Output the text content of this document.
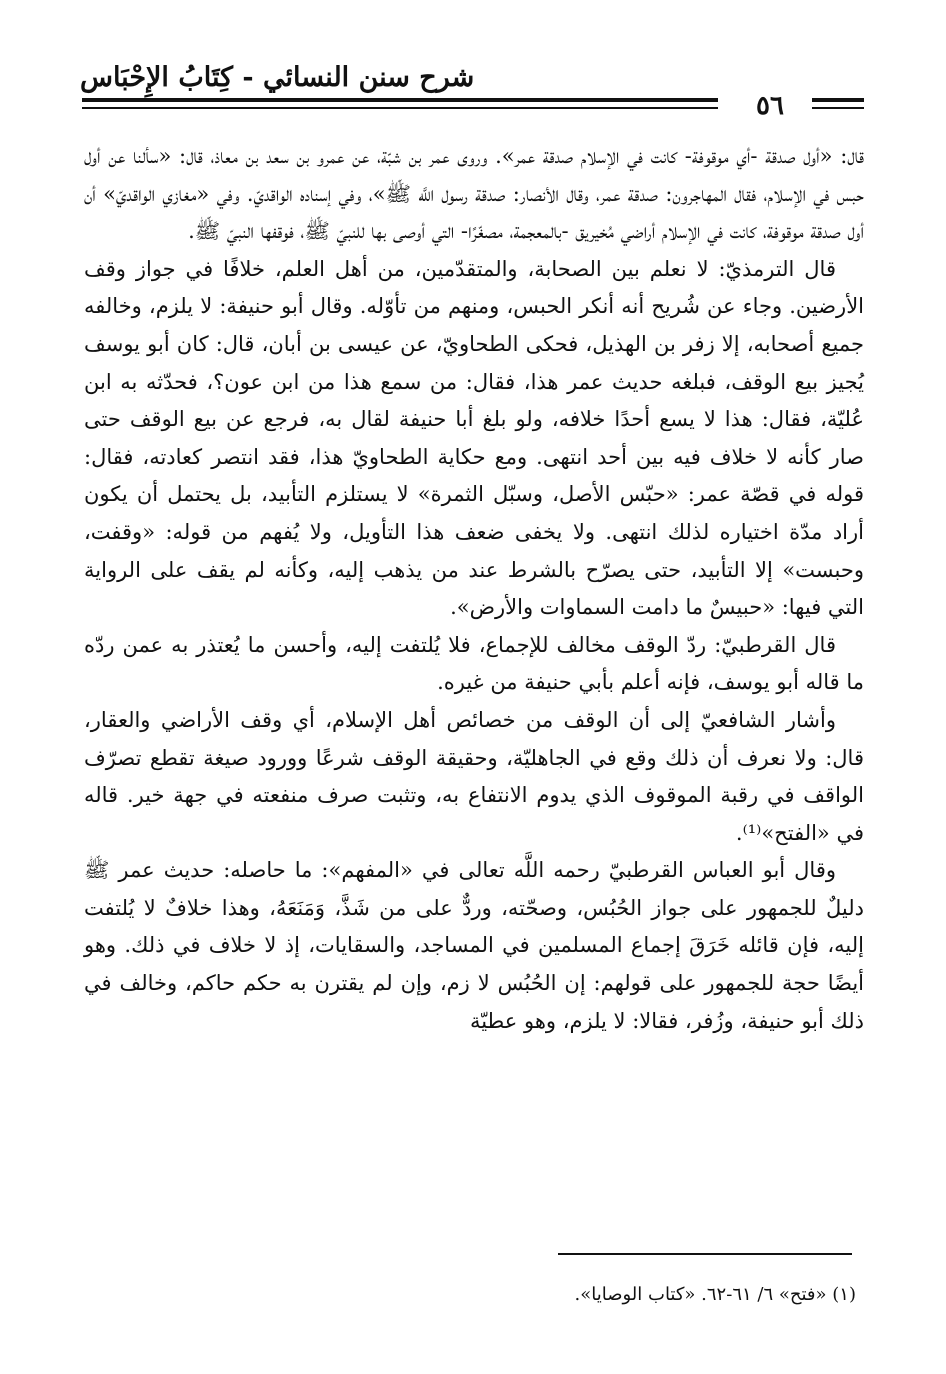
شرح سنن النسائي - كِتَابُ الإِحْبَاس
٥٦

قال: «أول صدقة -أي موقوفة- كانت في الإسلام صدقة عمر». وروى عمر بن شبّة، عن عمرو بن سعد بن معاذ، قال: «سألنا عن أول حبس في الإسلام، فقال المهاجرون: صدقة عمر، وقال الأنصار: صدقة رسول اللَّه ﷺ»، وفي إسناده الواقديّ. وفي «مغازي الواقديّ» أن أول صدقة موقوفة، كانت في الإسلام أراضي مُخيريق -بالمعجمة، مصغّرًا- التي أوصى بها للنبيّ ﷺ، فوقفها النبيّ ﷺ.

قال الترمذيّ: لا نعلم بين الصحابة، والمتقدّمين، من أهل العلم، خلافًا في جواز وقف الأرضين. وجاء عن شُريح أنه أنكر الحبس، ومنهم من تأوّله. وقال أبو حنيفة: لا يلزم، وخالفه جميع أصحابه، إلا زفر بن الهذيل، فحكى الطحاويّ، عن عيسى بن أبان، قال: كان أبو يوسف يُجيز بيع الوقف، فبلغه حديث عمر هذا، فقال: من سمع هذا من ابن عون؟، فحدّثه به ابن عُليّة، فقال: هذا لا يسع أحدًا خلافه، ولو بلغ أبا حنيفة لقال به، فرجع عن بيع الوقف حتى صار كأنه لا خلاف فيه بين أحد انتهى. ومع حكاية الطحاويّ هذا، فقد انتصر كعادته، فقال: قوله في قصّة عمر: «حبّس الأصل، وسبّل الثمرة» لا يستلزم التأبيد، بل يحتمل أن يكون أراد مدّة اختياره لذلك انتهى. ولا يخفى ضعف هذا التأويل، ولا يُفهم من قوله: «وقفت، وحبست» إلا التأبيد، حتى يصرّح بالشرط عند من يذهب إليه، وكأنه لم يقف على الرواية التي فيها: «حبيسٌ ما دامت السماوات والأرض».

قال القرطبيّ: ردّ الوقف مخالف للإجماع، فلا يُلتفت إليه، وأحسن ما يُعتذر به عمن ردّه ما قاله أبو يوسف، فإنه أعلم بأبي حنيفة من غيره.

وأشار الشافعيّ إلى أن الوقف من خصائص أهل الإسلام، أي وقف الأراضي والعقار، قال: ولا نعرف أن ذلك وقع في الجاهليّة، وحقيقة الوقف شرعًا وورود صيغة تقطع تصرّف الواقف في رقبة الموقوف الذي يدوم الانتفاع به، وتثبت صرف منفعته في جهة خير. قاله في «الفتح»⁽¹⁾.

وقال أبو العباس القرطبيّ رحمه اللَّه تعالى في «المفهم»: ما حاصله: حديث عمر ﷺ دليلٌ للجمهور على جواز الحُبُس، وصحّته، وردٌّ على من شَذَّ، وَمَنَعَهُ، وهذا خلافٌ لا يُلتفت إليه، فإن قائله خَرَقَ إجماع المسلمين في المساجد، والسقايات، إذ لا خلاف في ذلك. وهو أيضًا حجة للجمهور على قولهم: إن الحُبُس لا زم، وإن لم يقترن به حكم حاكم، وخالف في ذلك أبو حنيفة، وزُفر، فقالا: لا يلزم، وهو عطيّة

(١) «فتح» ٦/ ٦١-٦٢. «كتاب الوصايا».
